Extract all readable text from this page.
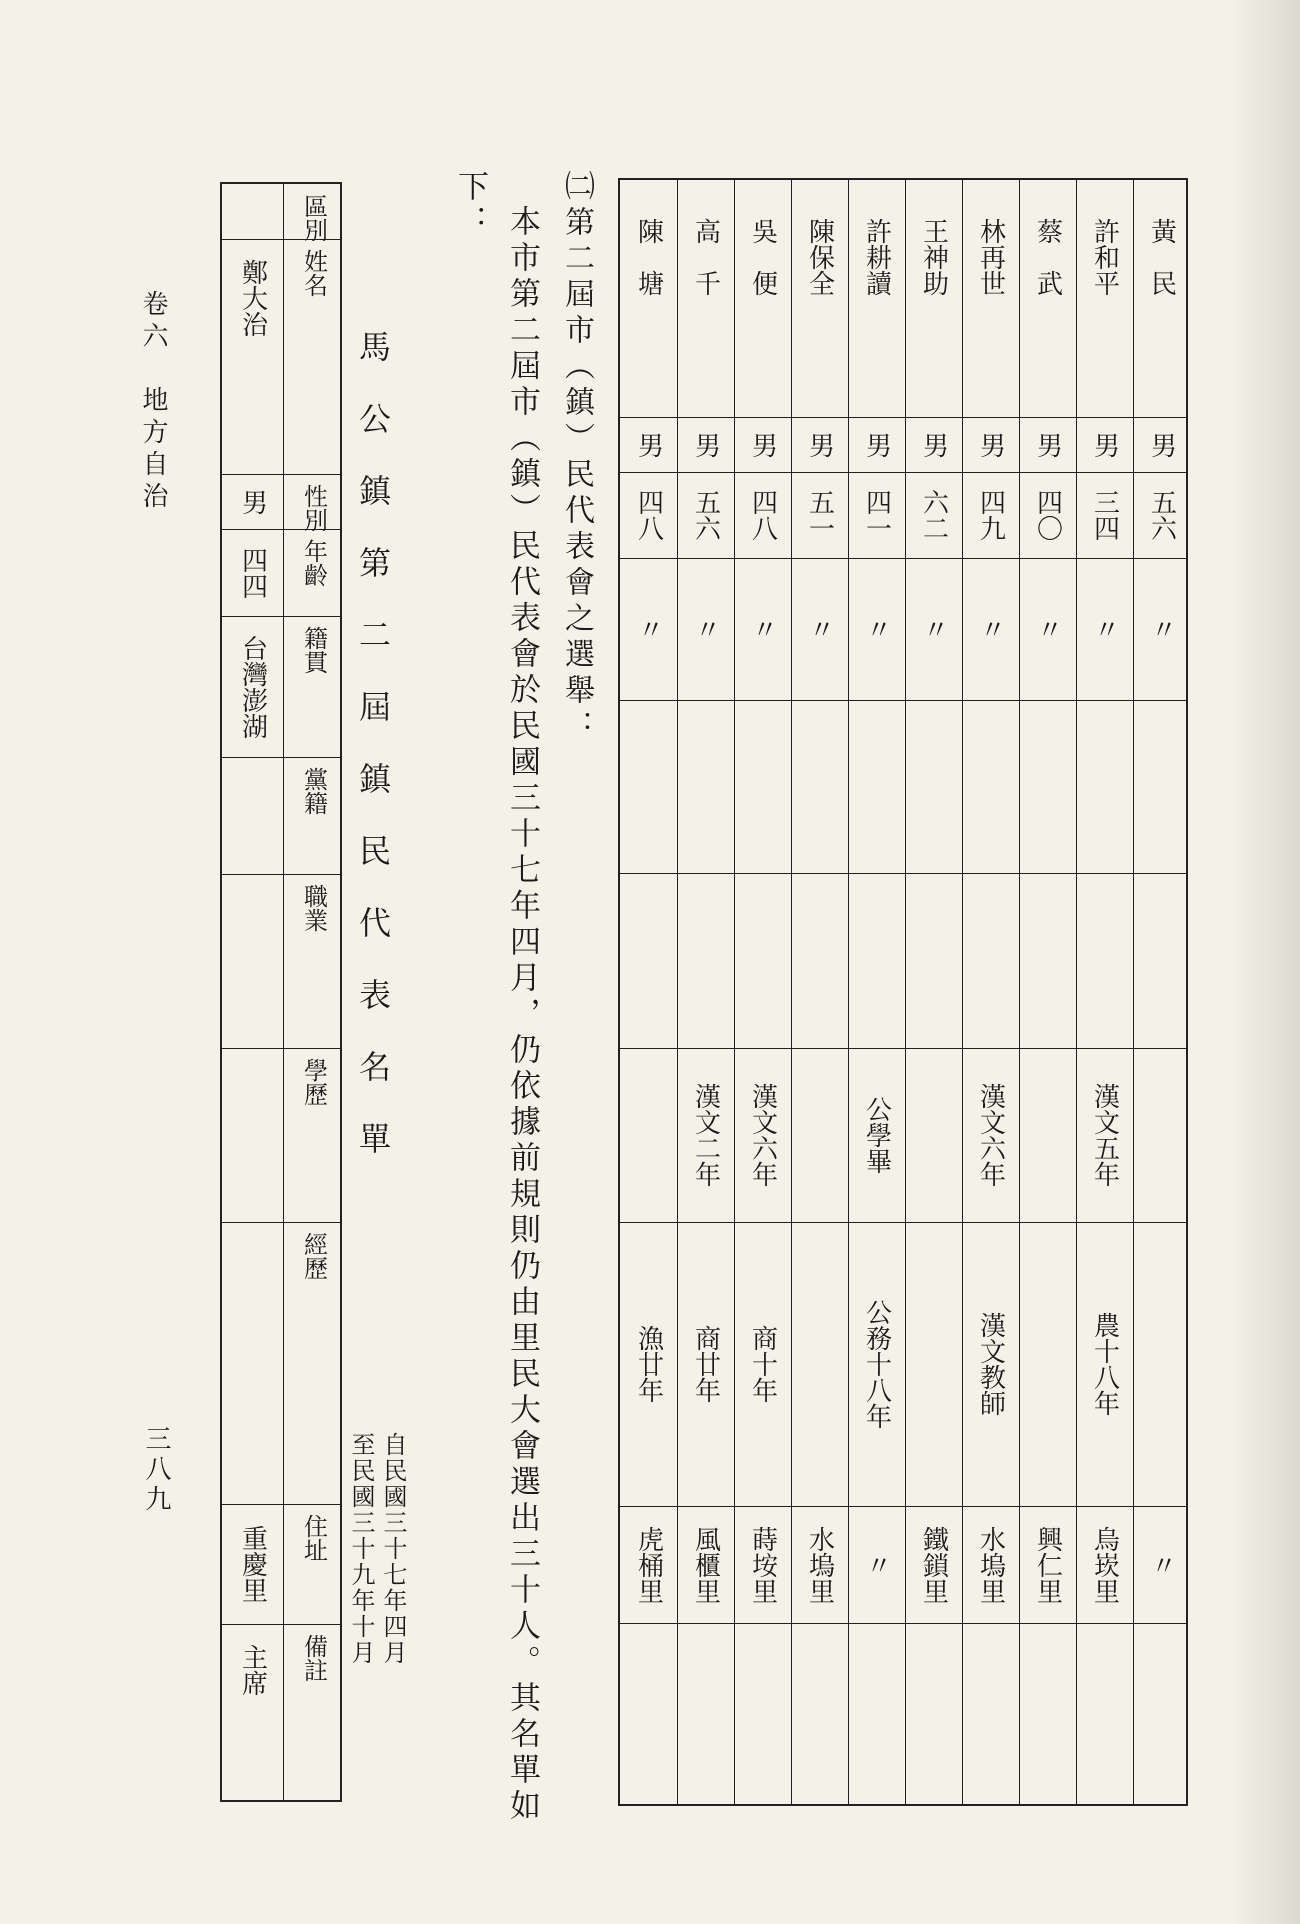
卷六　地方自治
三八九
黃　民
男
五六
〃
〃
許和平
男
三四
〃
漢文五年
農十八年
烏崁里
蔡　武
男
四〇
〃
興仁里
林再世
男
四九
〃
漢文六年
漢文教師
水塢里
王神助
男
六二
〃
鐵鎖里
許耕讀
男
四一
〃
公學畢
公務十八年
〃
陳保全
男
五一
〃
水塢里
吳　便
男
四八
〃
漢文六年
商十年
蒔垵里
高　千
男
五六
〃
漢文二年
商廿年
風櫃里
陳　塘
男
四八
〃
漁廿年
虎桶里
㈡第二屆市（鎮）民代表會之選舉：
本市第二屆市（鎮）民代表會於民國三十七年四月，仍依據前規則仍由里民大會選出三十人。其名單如
下：
馬公鎮第二屆鎮民代表名單
自民國三十七年四月
至民國三十九年十月
區別
姓名
性別
年齡
籍貫
黨籍
職業
學歷
經歷
住址
備註
鄭大治
男
四四
台灣澎湖
重慶里
主席
